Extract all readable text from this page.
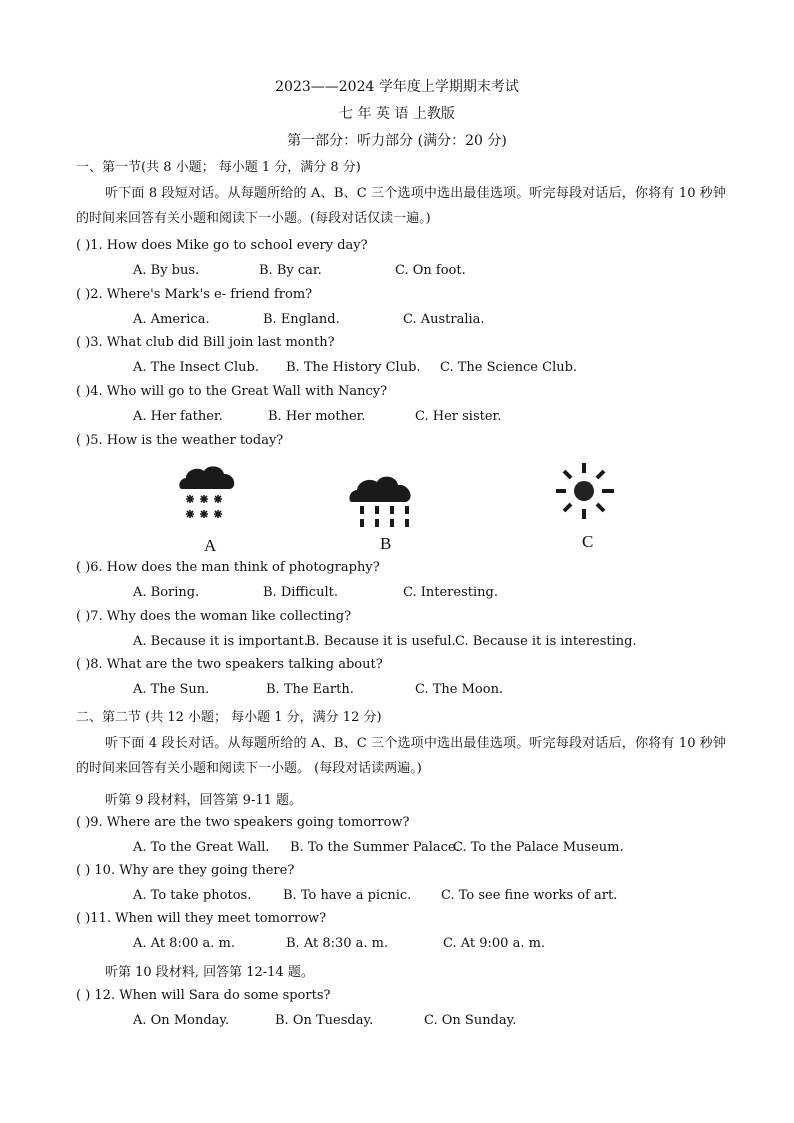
2023——2024 学年度上学期期末考试
七 年 英 语 上教版
第一部分：听力部分 (满分：20 分)
一、第一节(共 8 小题； 每小题 1 分，满分 8 分)
听下面 8 段短对话。从每题所给的 A、B、C 三个选项中选出最佳选项。听完每段对话后，你将有 10 秒钟的时间来回答有关小题和阅读下一小题。(每段对话仅读一遍。)
( )1. How does Mike go to school every day?
A. By bus.	B. By car.	C. On foot.
( )2. Where's Mark's e- friend from?
A. America.	B. England.	C. Australia.
( )3. What club did Bill join last month?
A. The Insect Club. B. The History Club. C. The Science Club.
( )4. Who will go to the Great Wall with Nancy?
A. Her father.	B. Her mother.	C. Her sister.
( )5. How is the weather today?
A	B	C
( )6. How does the man think of photography?
A. Boring.	B. Difficult.	C. Interesting.
( )7. Why does the woman like collecting?
A. Because it is important.
B. Because it is useful. C. Because it is interesting.
( )8. What are the two speakers talking about?
A. The Sun.	B. The Earth.	C. The Moon.
二、第二节 (共 12 小题； 每小题 1 分，满分 12 分)
听下面 4 段长对话。从每题所给的 A、B、C 三个选项中选出最佳选项。听完每段对话后，你将有 10 秒钟的时间来回答有关小题和阅读下一小题。 (每段对话读两遍。)
听第 9 段材料，回答第 9-11 题。
( )9. Where are the two speakers going tomorrow?
A. To the Great Wall. B. To the Summer Palace.
C. To the Palace Museum.
( ) 10. Why are they going there?
A. To take photos. B. To have a picnic. C. To see fine works of art.
( )11. When will they meet tomorrow?
A. At 8:00 a. m.	B. At 8:30 a. m.	C. At 9:00 a. m.
听第 10 段材料, 回答第 12-14 题。
( ) 12. When will Sara do some sports?
A. On Monday.	B. On Tuesday.	C. On Sunday.
